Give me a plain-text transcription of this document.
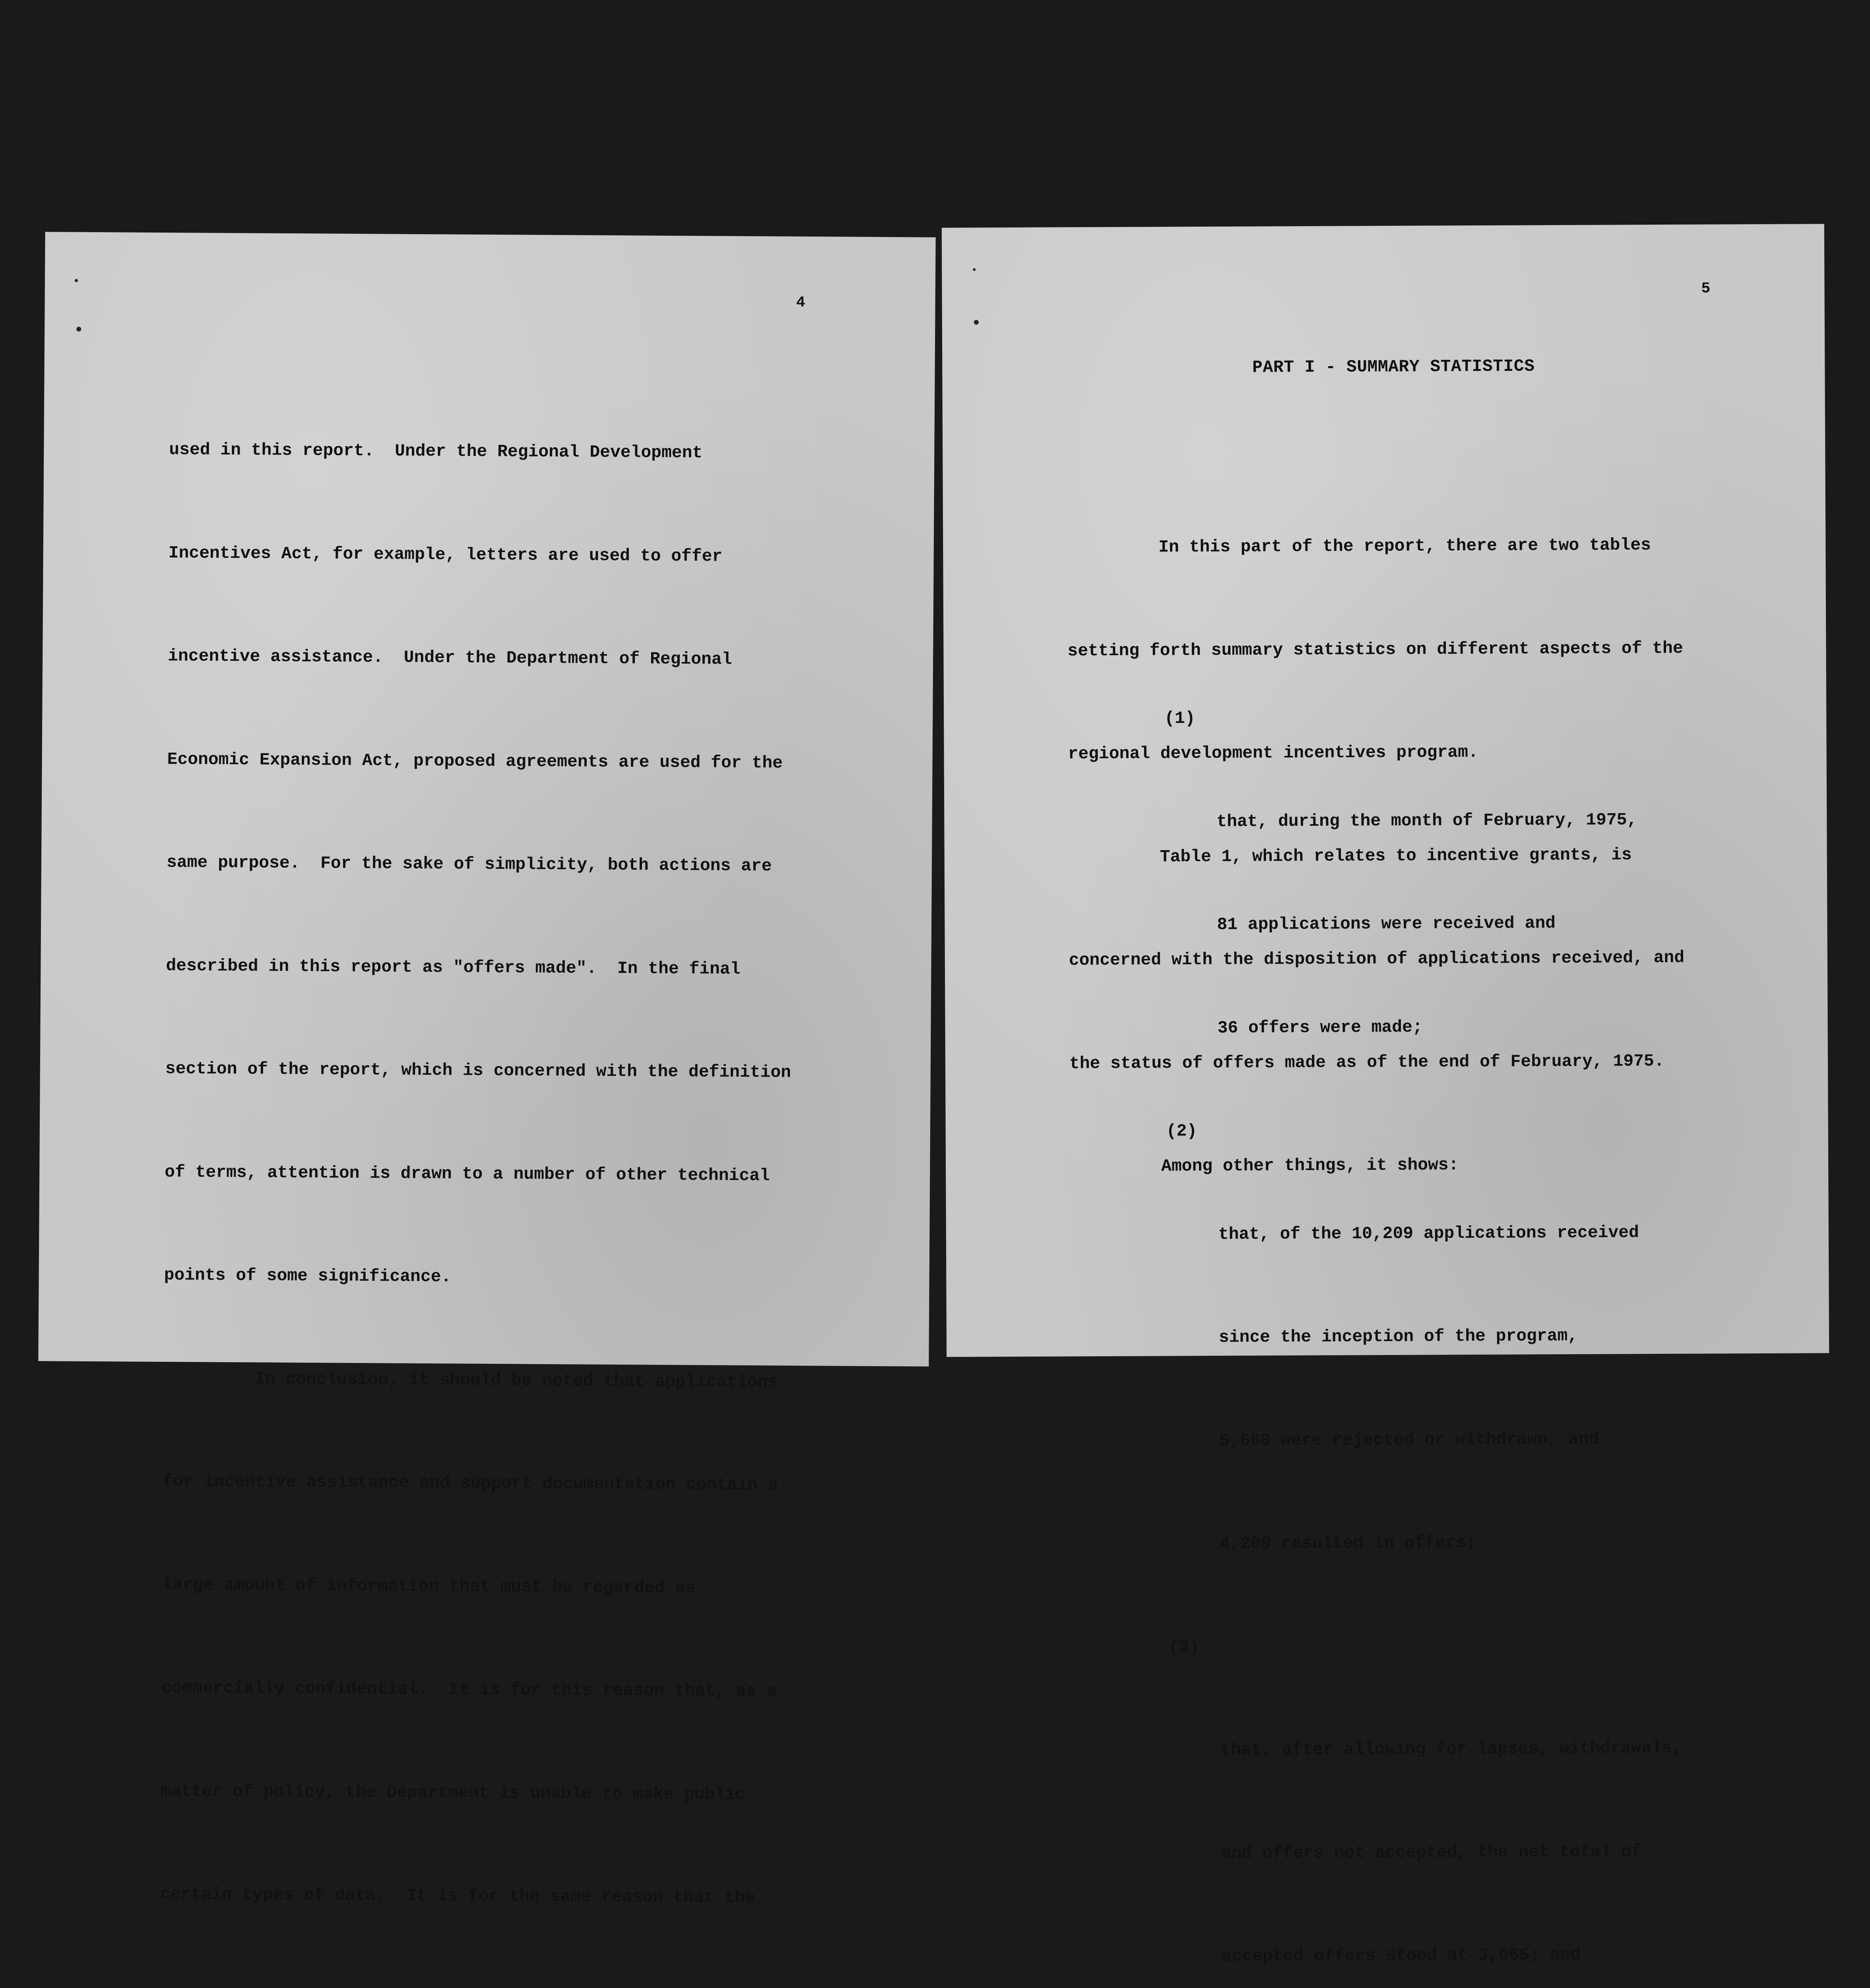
4

used in this report.  Under the Regional Development

Incentives Act, for example, letters are used to offer

incentive assistance.  Under the Department of Regional

Economic Expansion Act, proposed agreements are used for the

same purpose.  For the sake of simplicity, both actions are

described in this report as "offers made".  In the final

section of the report, which is concerned with the definition

of terms, attention is drawn to a number of other technical

points of some significance.

In conclusion, it should be noted that applications

for incentive assistance and support documentation contain a

large amount of information that must be regarded as

commercially confidential.  It is for this reason that, as a

matter of policy, the Department is unable to make public

certain types of data.  It is for the same reason that the

5
PART I - SUMMARY STATISTICS

In this part of the report, there are two tables

setting forth summary statistics on different aspects of the

regional development incentives program.

Table 1, which relates to incentive grants, is

concerned with the disposition of applications received, and

the status of offers made as of the end of February, 1975.

Among other things, it shows:

(1)

that, during the month of February, 1975,

81 applications were received and

36 offers were made;

(2)

that, of the 10,209 applications received

since the inception of the program,

5,668 were rejected or withdrawn, and

4,209 resulted in offers;

(3)

that, after allowing for lapses, withdrawals,

and offers not accepted, the net total of

accepted offers stood at 3,065; and
